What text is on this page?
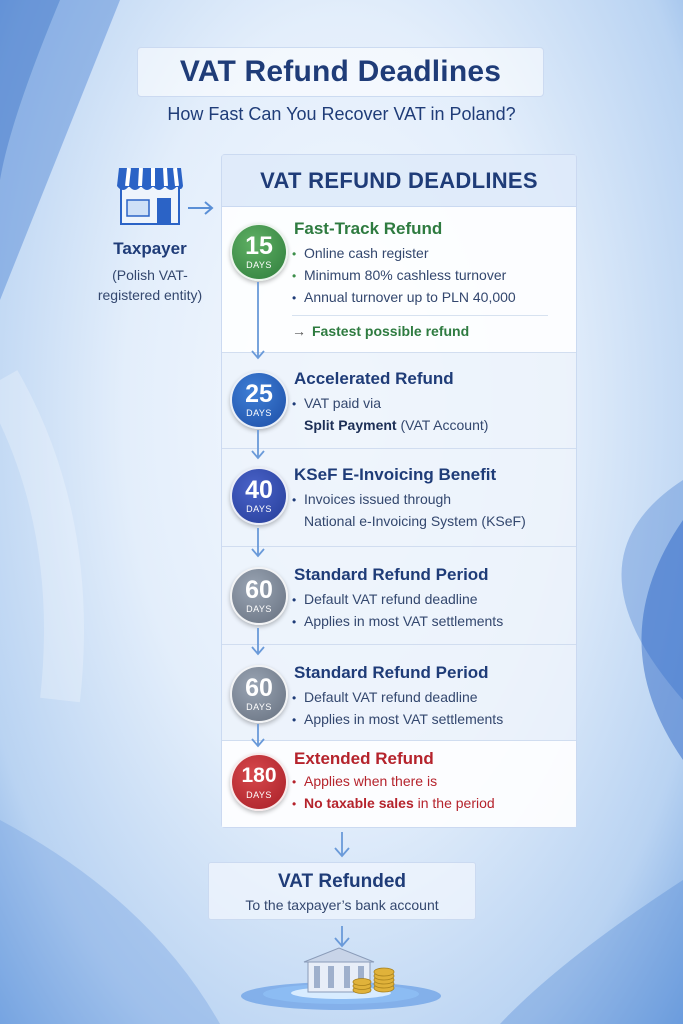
VAT Refund Deadlines
How Fast Can You Recover VAT in Poland?
Taxpayer
(Polish VAT-
registered entity)
VAT REFUND DEADLINES
15
DAYS
Fast-Track Refund
• Online cash register
• Minimum 80% cashless turnover
• Annual turnover up to PLN 40,000
→ Fastest possible refund
25
DAYS
Accelerated Refund
• VAT paid via
Split Payment (VAT Account)
40
DAYS
KSeF E-Invoicing Benefit
• Invoices issued through
National e-Invoicing System (KSeF)
60
DAYS
Standard Refund Period
• Default VAT refund deadline
• Applies in most VAT settlements
60
DAYS
Standard Refund Period
• Default VAT refund deadline
• Applies in most VAT settlements
180
DAYS
Extended Refund
• Applies when there is
• No taxable sales in the period
VAT Refunded
To the taxpayer’s bank account
